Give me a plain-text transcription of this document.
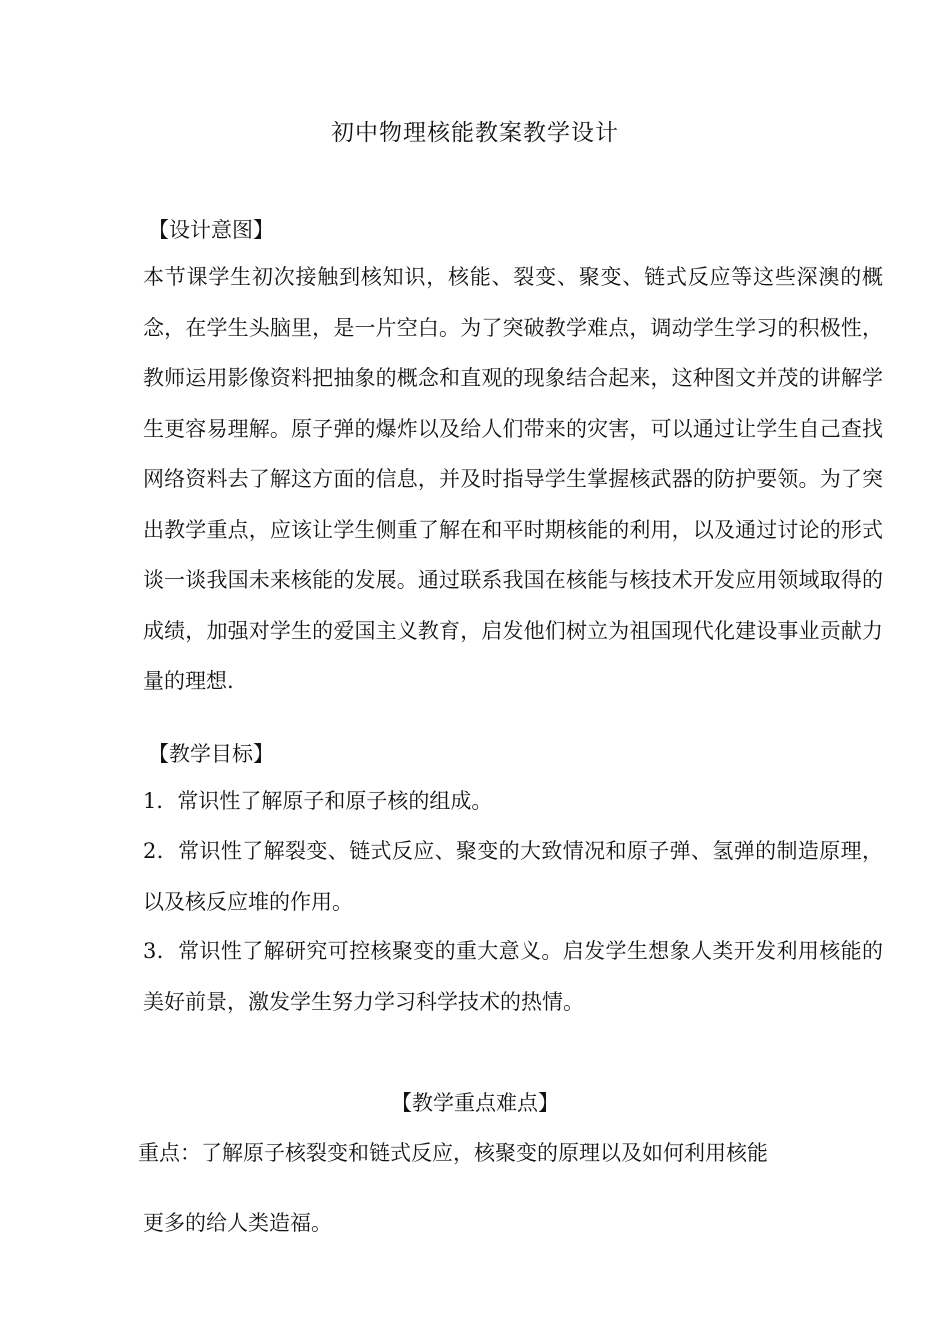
初中物理核能教案教学设计
【设计意图】
本节课学生初次接触到核知识，核能、裂变、聚变、链式反应等这些深澳的概念，在学生头脑里，是一片空白。为了突破教学难点，调动学生学习的积极性，教师运用影像资料把抽象的概念和直观的现象结合起来，这种图文并茂的讲解学生更容易理解。原子弹的爆炸以及给人们带来的灾害，可以通过让学生自己查找网络资料去了解这方面的信息，并及时指导学生掌握核武器的防护要领。为了突出教学重点，应该让学生侧重了解在和平时期核能的利用，以及通过讨论的形式谈一谈我国未来核能的发展。通过联系我国在核能与核技术开发应用领域取得的成绩，加强对学生的爱国主义教育，启发他们树立为祖国现代化建设事业贡献力量的理想.
【教学目标】
1．常识性了解原子和原子核的组成。
2．常识性了解裂变、链式反应、聚变的大致情况和原子弹、氢弹的制造原理，以及核反应堆的作用。
3．常识性了解研究可控核聚变的重大意义。启发学生想象人类开发利用核能的美好前景，激发学生努力学习科学技术的热情。
【教学重点难点】
重点：了解原子核裂变和链式反应，核聚变的原理以及如何利用核能
更多的给人类造福。
